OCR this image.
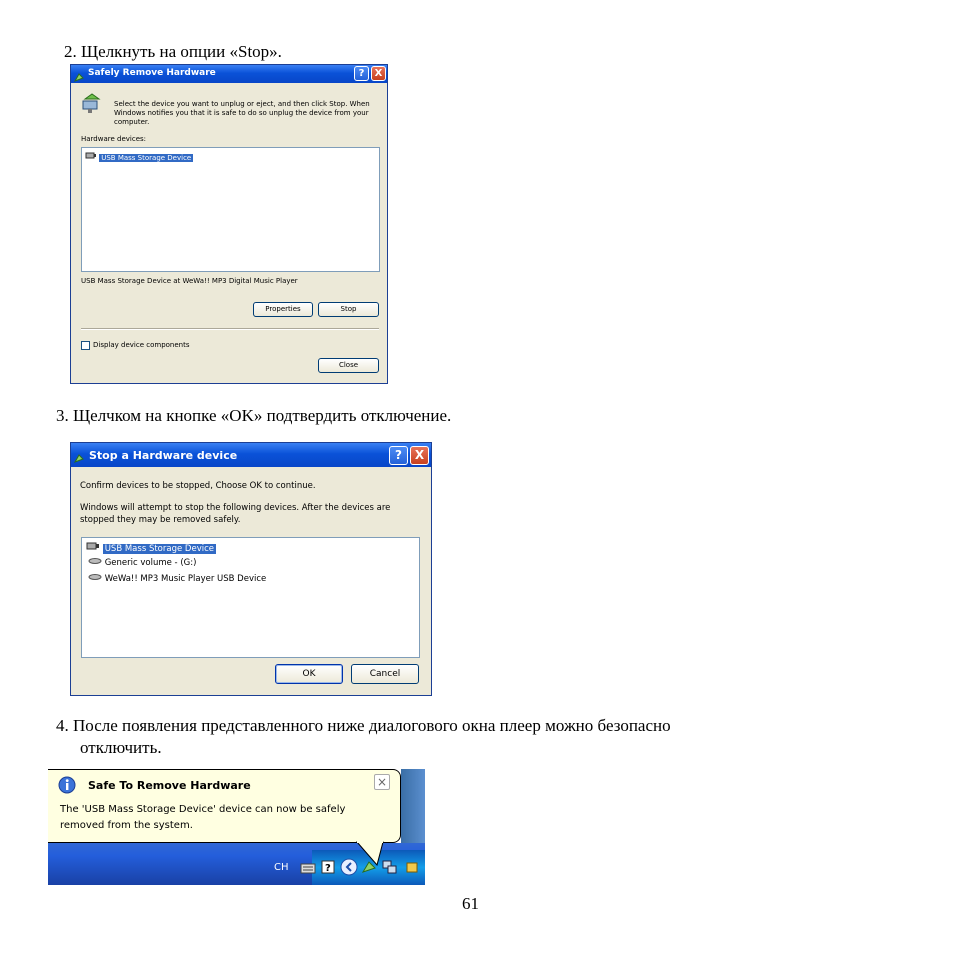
2. Щелкнуть на опции «Stop».
Safely Remove Hardware	?	X
Select the device you want to unplug or eject, and then click Stop. When
Windows notifies you that it is safe to do so unplug the device from your
computer.
Hardware devices:
USB Mass Storage Device
USB Mass Storage Device at WeWa!! MP3 Digital Music Player
Properties	Stop
Display device components
Close
3. Щелчком на кнопке «OK» подтвердить отключение.
Stop a Hardware device	?	X
Confirm devices to be stopped, Choose OK to continue.
Windows will attempt to stop the following devices. After the devices are
stopped they may be removed safely.
USB Mass Storage Device
Generic volume - (G:)
WeWa!! MP3 Music Player USB Device
OK	Cancel
4. После появления представленного ниже диалогового окна плеер можно безопасно
отключить.
CH	?
Safe To Remove Hardware	×
The 'USB Mass Storage Device' device can now be safely
removed from the system.
61
